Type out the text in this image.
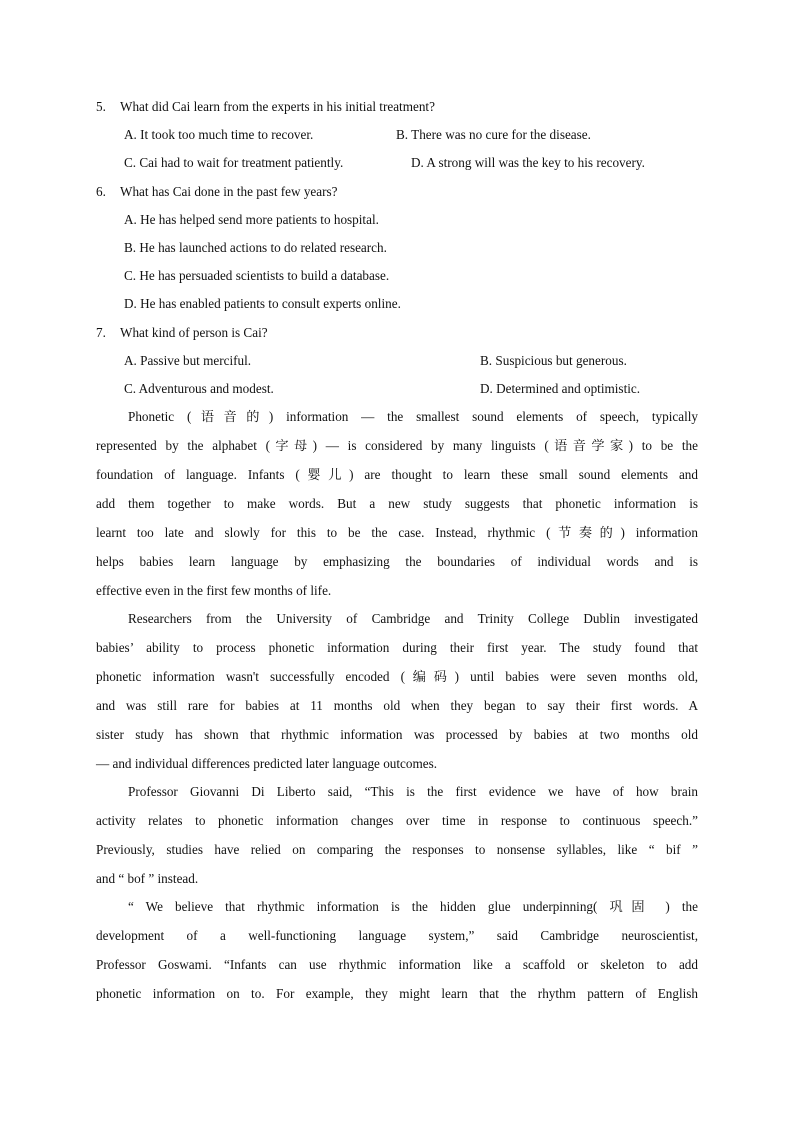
5. What did Cai learn from the experts in his initial treatment?
A. It took too much time to recover.	B. There was no cure for the disease.
C. Cai had to wait for treatment patiently.	D. A strong will was the key to his recovery.
6. What has Cai done in the past few years?
A. He has helped send more patients to hospital.
B. He has launched actions to do related research.
C. He has persuaded scientists to build a database.
D. He has enabled patients to consult experts online.
7. What kind of person is Cai?
A. Passive but merciful.	B. Suspicious but generous.
C. Adventurous and modest.	D. Determined and optimistic.

Phonetic (语音的) information — the smallest sound elements of speech, typically

represented by the alphabet (字母) — is considered by many linguists (语音学家) to be the

foundation of language. Infants (婴儿) are thought to learn these small sound elements and

add them together to make words. But a new study suggests that phonetic information is

learnt too late and slowly for this to be the case. Instead, rhythmic (节奏的) information

helps babies learn language by emphasizing the boundaries of individual words and is

effective even in the first few months of life.

Researchers from the University of Cambridge and Trinity College Dublin investigated

babies’ ability to process phonetic information during their first year. The study found that

phonetic information wasn't successfully encoded (编码) until babies were seven months old,

and was still rare for babies at 11 months old when they began to say their first words. A

sister study has shown that rhythmic information was processed by babies at two months old

— and individual differences predicted later language outcomes.

Professor Giovanni Di Liberto said, “This is the first evidence we have of how brain

activity relates to phonetic information changes over time in response to continuous speech.”

Previously, studies have relied on comparing the responses to nonsense syllables, like “ bif ”

and “ bof ” instead.

“ We believe that rhythmic information is the hidden glue underpinning( 巩固 ) the

development of a well-functioning language system,” said Cambridge neuroscientist,

Professor Goswami. “Infants can use rhythmic information like a scaffold or skeleton to add

phonetic information on to. For example, they might learn that the rhythm pattern of English
